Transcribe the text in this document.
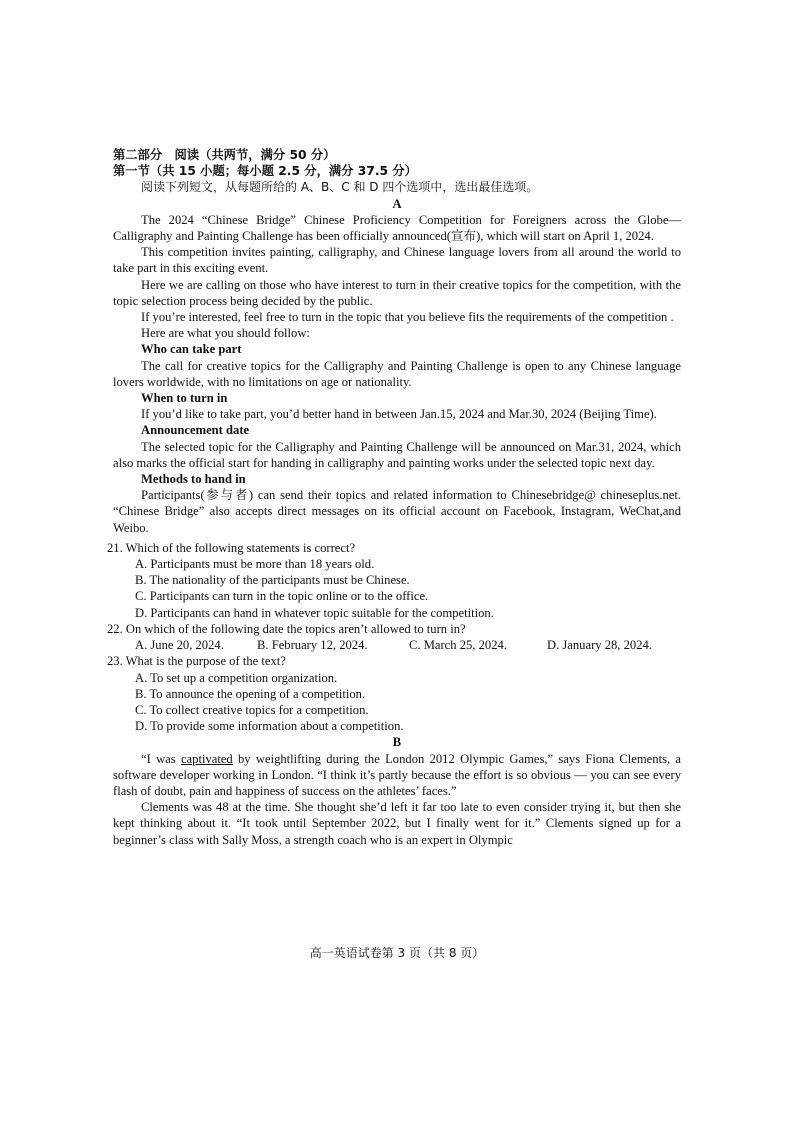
第二部分　阅读（共两节，满分 50 分）
第一节（共 15 小题；每小题 2.5 分，满分 37.5 分）

阅读下列短文，从每题所给的 A、B、C 和 D 四个选项中，选出最佳选项。

A

The 2024 “Chinese Bridge” Chinese Proficiency Competition for Foreigners across the Globe—Calligraphy and Painting Challenge has been officially announced(宣布), which will start on April 1, 2024.

This competition invites painting, calligraphy, and Chinese language lovers from all around the world to take part in this exciting event.

Here we are calling on those who have interest to turn in their creative topics for the competition, with the topic selection process being decided by the public.

If you’re interested, feel free to turn in the topic that you believe fits the requirements of the competition .

Here are what you should follow:

Who can take part

The call for creative topics for the Calligraphy and Painting Challenge is open to any Chinese language lovers worldwide, with no limitations on age or nationality.

When to turn in

If you’d like to take part, you’d better hand in between Jan.15, 2024 and Mar.30, 2024 (Beijing Time).

Announcement date

The selected topic for the Calligraphy and Painting Challenge will be announced on Mar.31, 2024, which also marks the official start for handing in calligraphy and painting works under the selected topic next day.

Methods to hand in

Participants(参与者) can send their topics and related information to Chinesebridge@ chineseplus.net. “Chinese Bridge” also accepts direct messages on its official account on Facebook, Instagram, WeChat,and Weibo.

21. Which of the following statements is correct?

A. Participants must be more than 18 years old.

B. The nationality of the participants must be Chinese.

C. Participants can turn in the topic online or to the office.

D. Participants can hand in whatever topic suitable for the competition.

22. On which of the following date the topics aren’t allowed to turn in?

A. June 20, 2024.	B. February 12, 2024.	C. March 25, 2024.	D. January 28, 2024.

23. What is the purpose of the text?

A. To set up a competition organization.

B. To announce the opening of a competition.

C. To collect creative topics for a competition.

D. To provide some information about a competition.

B

“I was captivated by weightlifting during the London 2012 Olympic Games,” says Fiona Clements, a software developer working in London. “I think it’s partly because the effort is so obvious — you can see every flash of doubt, pain and happiness of success on the athletes’ faces.”

Clements was 48 at the time. She thought she’d left it far too late to even consider trying it, but then she kept thinking about it. “It took until September 2022, but I finally went for it.” Clements signed up for a beginner’s class with Sally Moss, a strength coach who is an expert in Olympic

高一英语试卷第 3 页（共 8 页）
